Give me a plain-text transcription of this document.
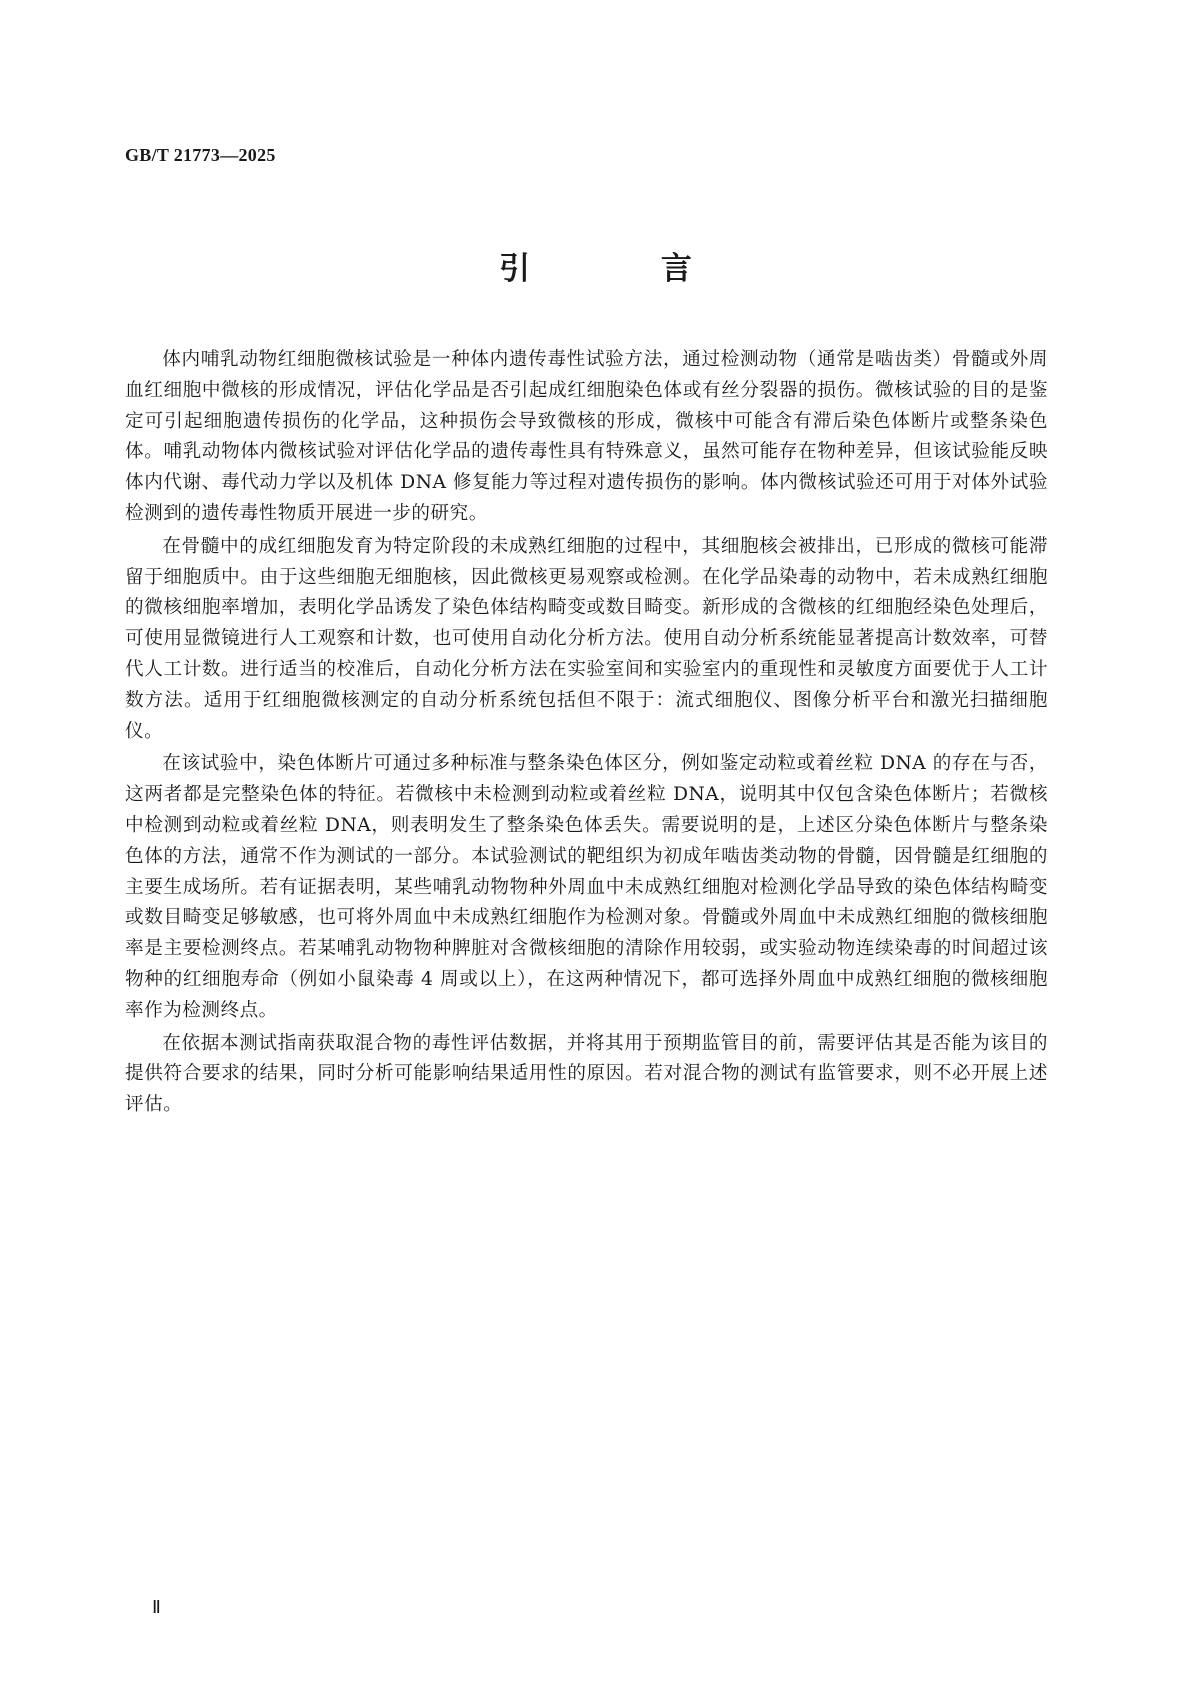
GB/T 21773—2025
引 言

体内哺乳动物红细胞微核试验是一种体内遗传毒性试验方法，通过检测动物（通常是啮齿类）骨髓或外周血红细胞中微核的形成情况，评估化学品是否引起成红细胞染色体或有丝分裂器的损伤。微核试验的目的是鉴定可引起细胞遗传损伤的化学品，这种损伤会导致微核的形成，微核中可能含有滞后染色体断片或整条染色体。哺乳动物体内微核试验对评估化学品的遗传毒性具有特殊意义，虽然可能存在物种差异，但该试验能反映体内代谢、毒代动力学以及机体 DNA 修复能力等过程对遗传损伤的影响。体内微核试验还可用于对体外试验检测到的遗传毒性物质开展进一步的研究。

在骨髓中的成红细胞发育为特定阶段的未成熟红细胞的过程中，其细胞核会被排出，已形成的微核可能滞留于细胞质中。由于这些细胞无细胞核，因此微核更易观察或检测。在化学品染毒的动物中，若未成熟红细胞的微核细胞率增加，表明化学品诱发了染色体结构畸变或数目畸变。新形成的含微核的红细胞经染色处理后，可使用显微镜进行人工观察和计数，也可使用自动化分析方法。使用自动分析系统能显著提高计数效率，可替代人工计数。进行适当的校准后，自动化分析方法在实验室间和实验室内的重现性和灵敏度方面要优于人工计数方法。适用于红细胞微核测定的自动分析系统包括但不限于：流式细胞仪、图像分析平台和激光扫描细胞仪。

在该试验中，染色体断片可通过多种标准与整条染色体区分，例如鉴定动粒或着丝粒 DNA 的存在与否，这两者都是完整染色体的特征。若微核中未检测到动粒或着丝粒 DNA，说明其中仅包含染色体断片；若微核中检测到动粒或着丝粒 DNA，则表明发生了整条染色体丢失。需要说明的是，上述区分染色体断片与整条染色体的方法，通常不作为测试的一部分。本试验测试的靶组织为初成年啮齿类动物的骨髓，因骨髓是红细胞的主要生成场所。若有证据表明，某些哺乳动物物种外周血中未成熟红细胞对检测化学品导致的染色体结构畸变或数目畸变足够敏感，也可将外周血中未成熟红细胞作为检测对象。骨髓或外周血中未成熟红细胞的微核细胞率是主要检测终点。若某哺乳动物物种脾脏对含微核细胞的清除作用较弱，或实验动物连续染毒的时间超过该物种的红细胞寿命（例如小鼠染毒 4 周或以上），在这两种情况下，都可选择外周血中成熟红细胞的微核细胞率作为检测终点。

在依据本测试指南获取混合物的毒性评估数据，并将其用于预期监管目的前，需要评估其是否能为该目的提供符合要求的结果，同时分析可能影响结果适用性的原因。若对混合物的测试有监管要求，则不必开展上述评估。

Ⅱ
